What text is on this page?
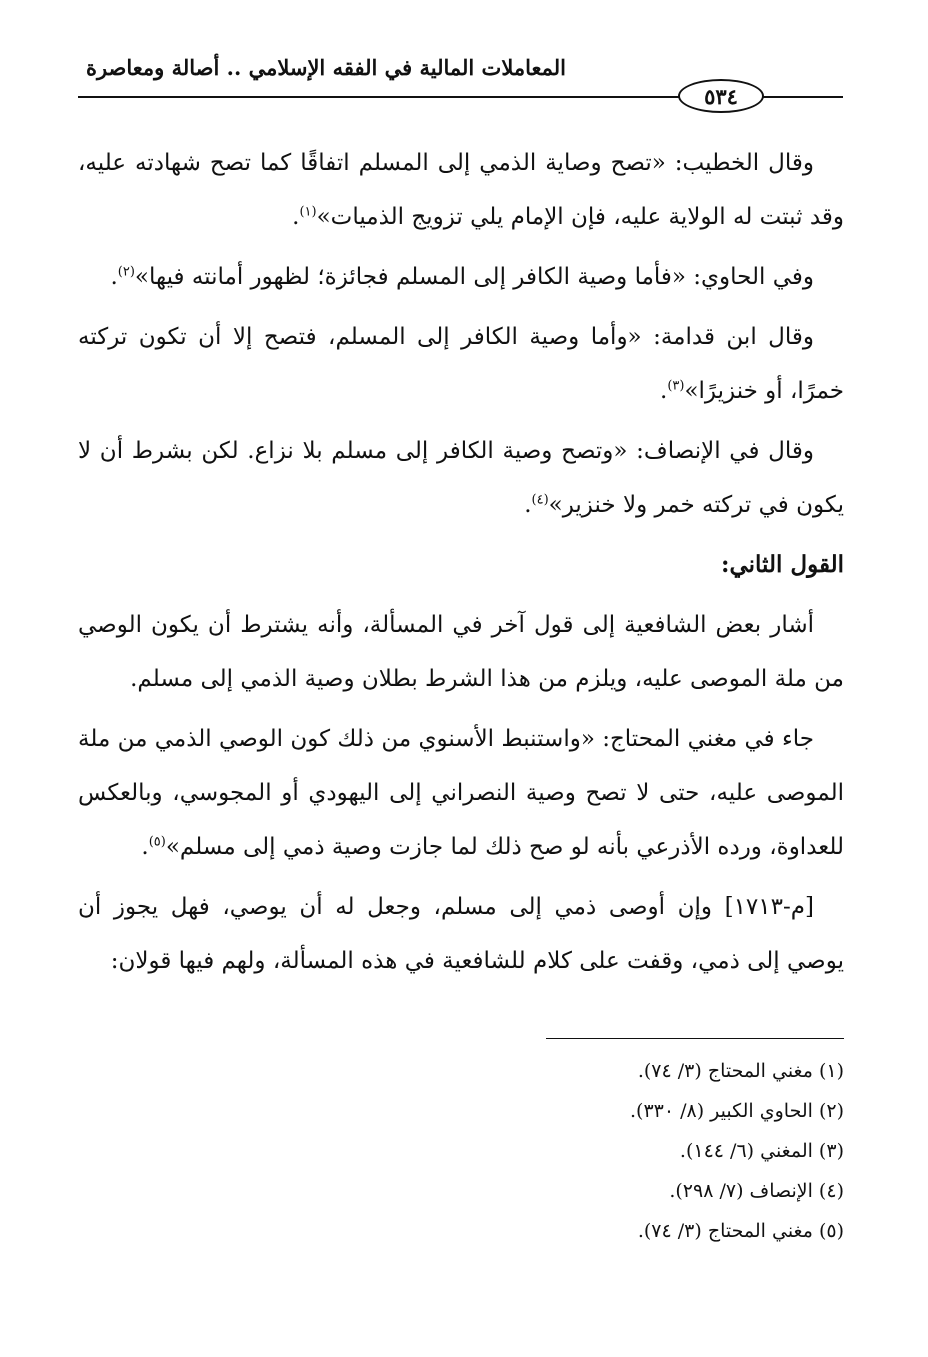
المعاملات المالية في الفقه الإسلامي .. أصالة ومعاصرة
٥٣٤

وقال الخطيب: «تصح وصاية الذمي إلى المسلم اتفاقًا كما تصح شهادته عليه، وقد ثبتت له الولاية عليه، فإن الإمام يلي تزويج الذميات»$^{(١)}$.

وفي الحاوي: «فأما وصية الكافر إلى المسلم فجائزة؛ لظهور أمانته فيها»$^{(٢)}$.

وقال ابن قدامة: «وأما وصية الكافر إلى المسلم، فتصح إلا أن تكون تركته خمرًا، أو خنزيرًا»$^{(٣)}$.

وقال في الإنصاف: «وتصح وصية الكافر إلى مسلم بلا نزاع. لكن بشرط أن لا يكون في تركته خمر ولا خنزير»$^{(٤)}$.

القول الثاني:

أشار بعض الشافعية إلى قول آخر في المسألة، وأنه يشترط أن يكون الوصي من ملة الموصى عليه، ويلزم من هذا الشرط بطلان وصية الذمي إلى مسلم.

جاء في مغني المحتاج: «واستنبط الأسنوي من ذلك كون الوصي الذمي من ملة الموصى عليه، حتى لا تصح وصية النصراني إلى اليهودي أو المجوسي، وبالعكس للعداوة، ورده الأذرعي بأنه لو صح ذلك لما جازت وصية ذمي إلى مسلم»$^{(٥)}$.

[م-١٧١٣] وإن أوصى ذمي إلى مسلم، وجعل له أن يوصي، فهل يجوز أن يوصي إلى ذمي، وقفت على كلام للشافعية في هذه المسألة، ولهم فيها قولان:

(١) مغني المحتاج (٣/ ٧٤).
(٢) الحاوي الكبير (٨/ ٣٣٠).
(٣) المغني (٦/ ١٤٤).
(٤) الإنصاف (٧/ ٢٩٨).
(٥) مغني المحتاج (٣/ ٧٤).
